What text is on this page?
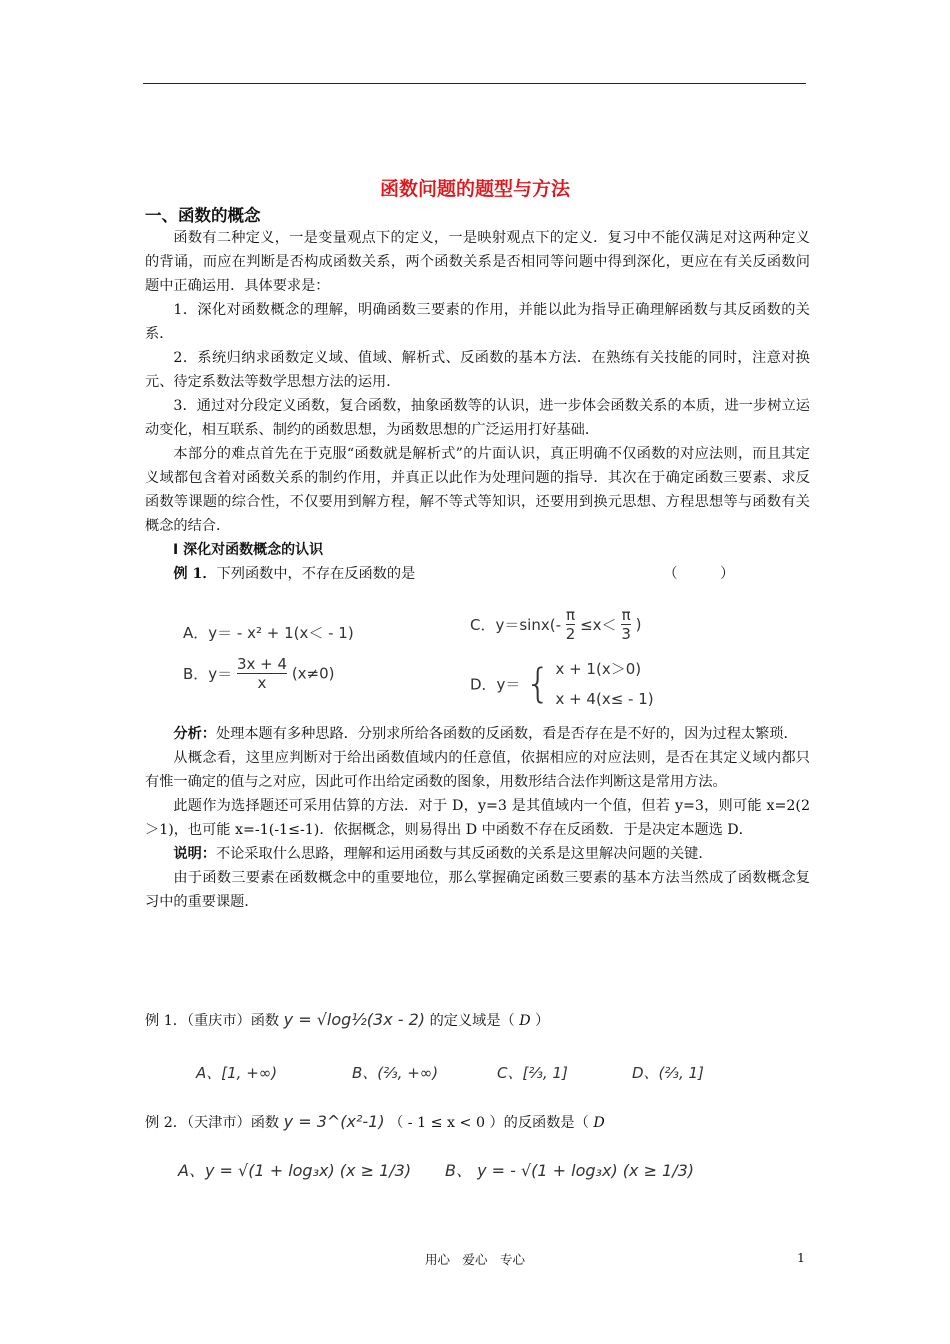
函数问题的题型与方法
一、函数的概念

函数有二种定义，一是变量观点下的定义，一是映射观点下的定义．复习中不能仅满足对这两种定义的背诵，而应在判断是否构成函数关系，两个函数关系是否相同等问题中得到深化，更应在有关反函数问题中正确运用．具体要求是：

1．深化对函数概念的理解，明确函数三要素的作用，并能以此为指导正确理解函数与其反函数的关系．

2．系统归纳求函数定义域、值域、解析式、反函数的基本方法．在熟练有关技能的同时，注意对换元、待定系数法等数学思想方法的运用．

3．通过对分段定义函数，复合函数，抽象函数等的认识，进一步体会函数关系的本质，进一步树立运动变化，相互联系、制约的函数思想，为函数思想的广泛运用打好基础．

本部分的难点首先在于克服“函数就是解析式”的片面认识，真正明确不仅函数的对应法则，而且其定义域都包含着对函数关系的制约作用，并真正以此作为处理问题的指导．其次在于确定函数三要素、求反函数等课题的综合性，不仅要用到解方程，解不等式等知识，还要用到换元思想、方程思想等与函数有关概念的结合．

Ⅰ 深化对函数概念的认识

例 1．下列函数中，不存在反函数的是	（　　　）

A．y＝ - x² + 1(x＜ - 1)
B．$y= \frac{3x + 4}{x} (x\ne 0)$
C．$y=\sin x(- \frac{\pi}{2} \le x< \frac{\pi}{3}$ )
D．y＝ { x + 1(x＞0)
x + 4(x≤ - 1)

分析：处理本题有多种思路．分别求所给各函数的反函数，看是否存在是不好的，因为过程太繁琐．

从概念看，这里应判断对于给出函数值域内的任意值，依据相应的对应法则，是否在其定义域内都只有惟一确定的值与之对应，因此可作出给定函数的图象，用数形结合法作判断这是常用方法。

此题作为选择题还可采用估算的方法．对于 D，y=3 是其值域内一个值，但若 y=3，则可能 x=2(2＞1)，也可能 x=-1(-1≤-1)．依据概念，则易得出 D 中函数不存在反函数．于是决定本题选 D．

说明：不论采取什么思路，理解和运用函数与其反函数的关系是这里解决问题的关键．

由于函数三要素在函数概念中的重要地位，那么掌握确定函数三要素的基本方法当然成了函数概念复习中的重要课题．

例 1．（重庆市）函数 y = √log½(3x - 2) 的定义域是（ D ）
A、[1, +∞)	B、(⅔, +∞)	C、[⅔, 1]	D、(⅔, 1]
例 2．（天津市）函数 y = 3^(x²-1) （ - 1 ≤ x < 0 ）的反函数是（ D
A、y = √(1 + log₃x) (x ≥ 1/3) B、 y = - √(1 + log₃x) (x ≥ 1/3)
用心　爱心　专心	1
